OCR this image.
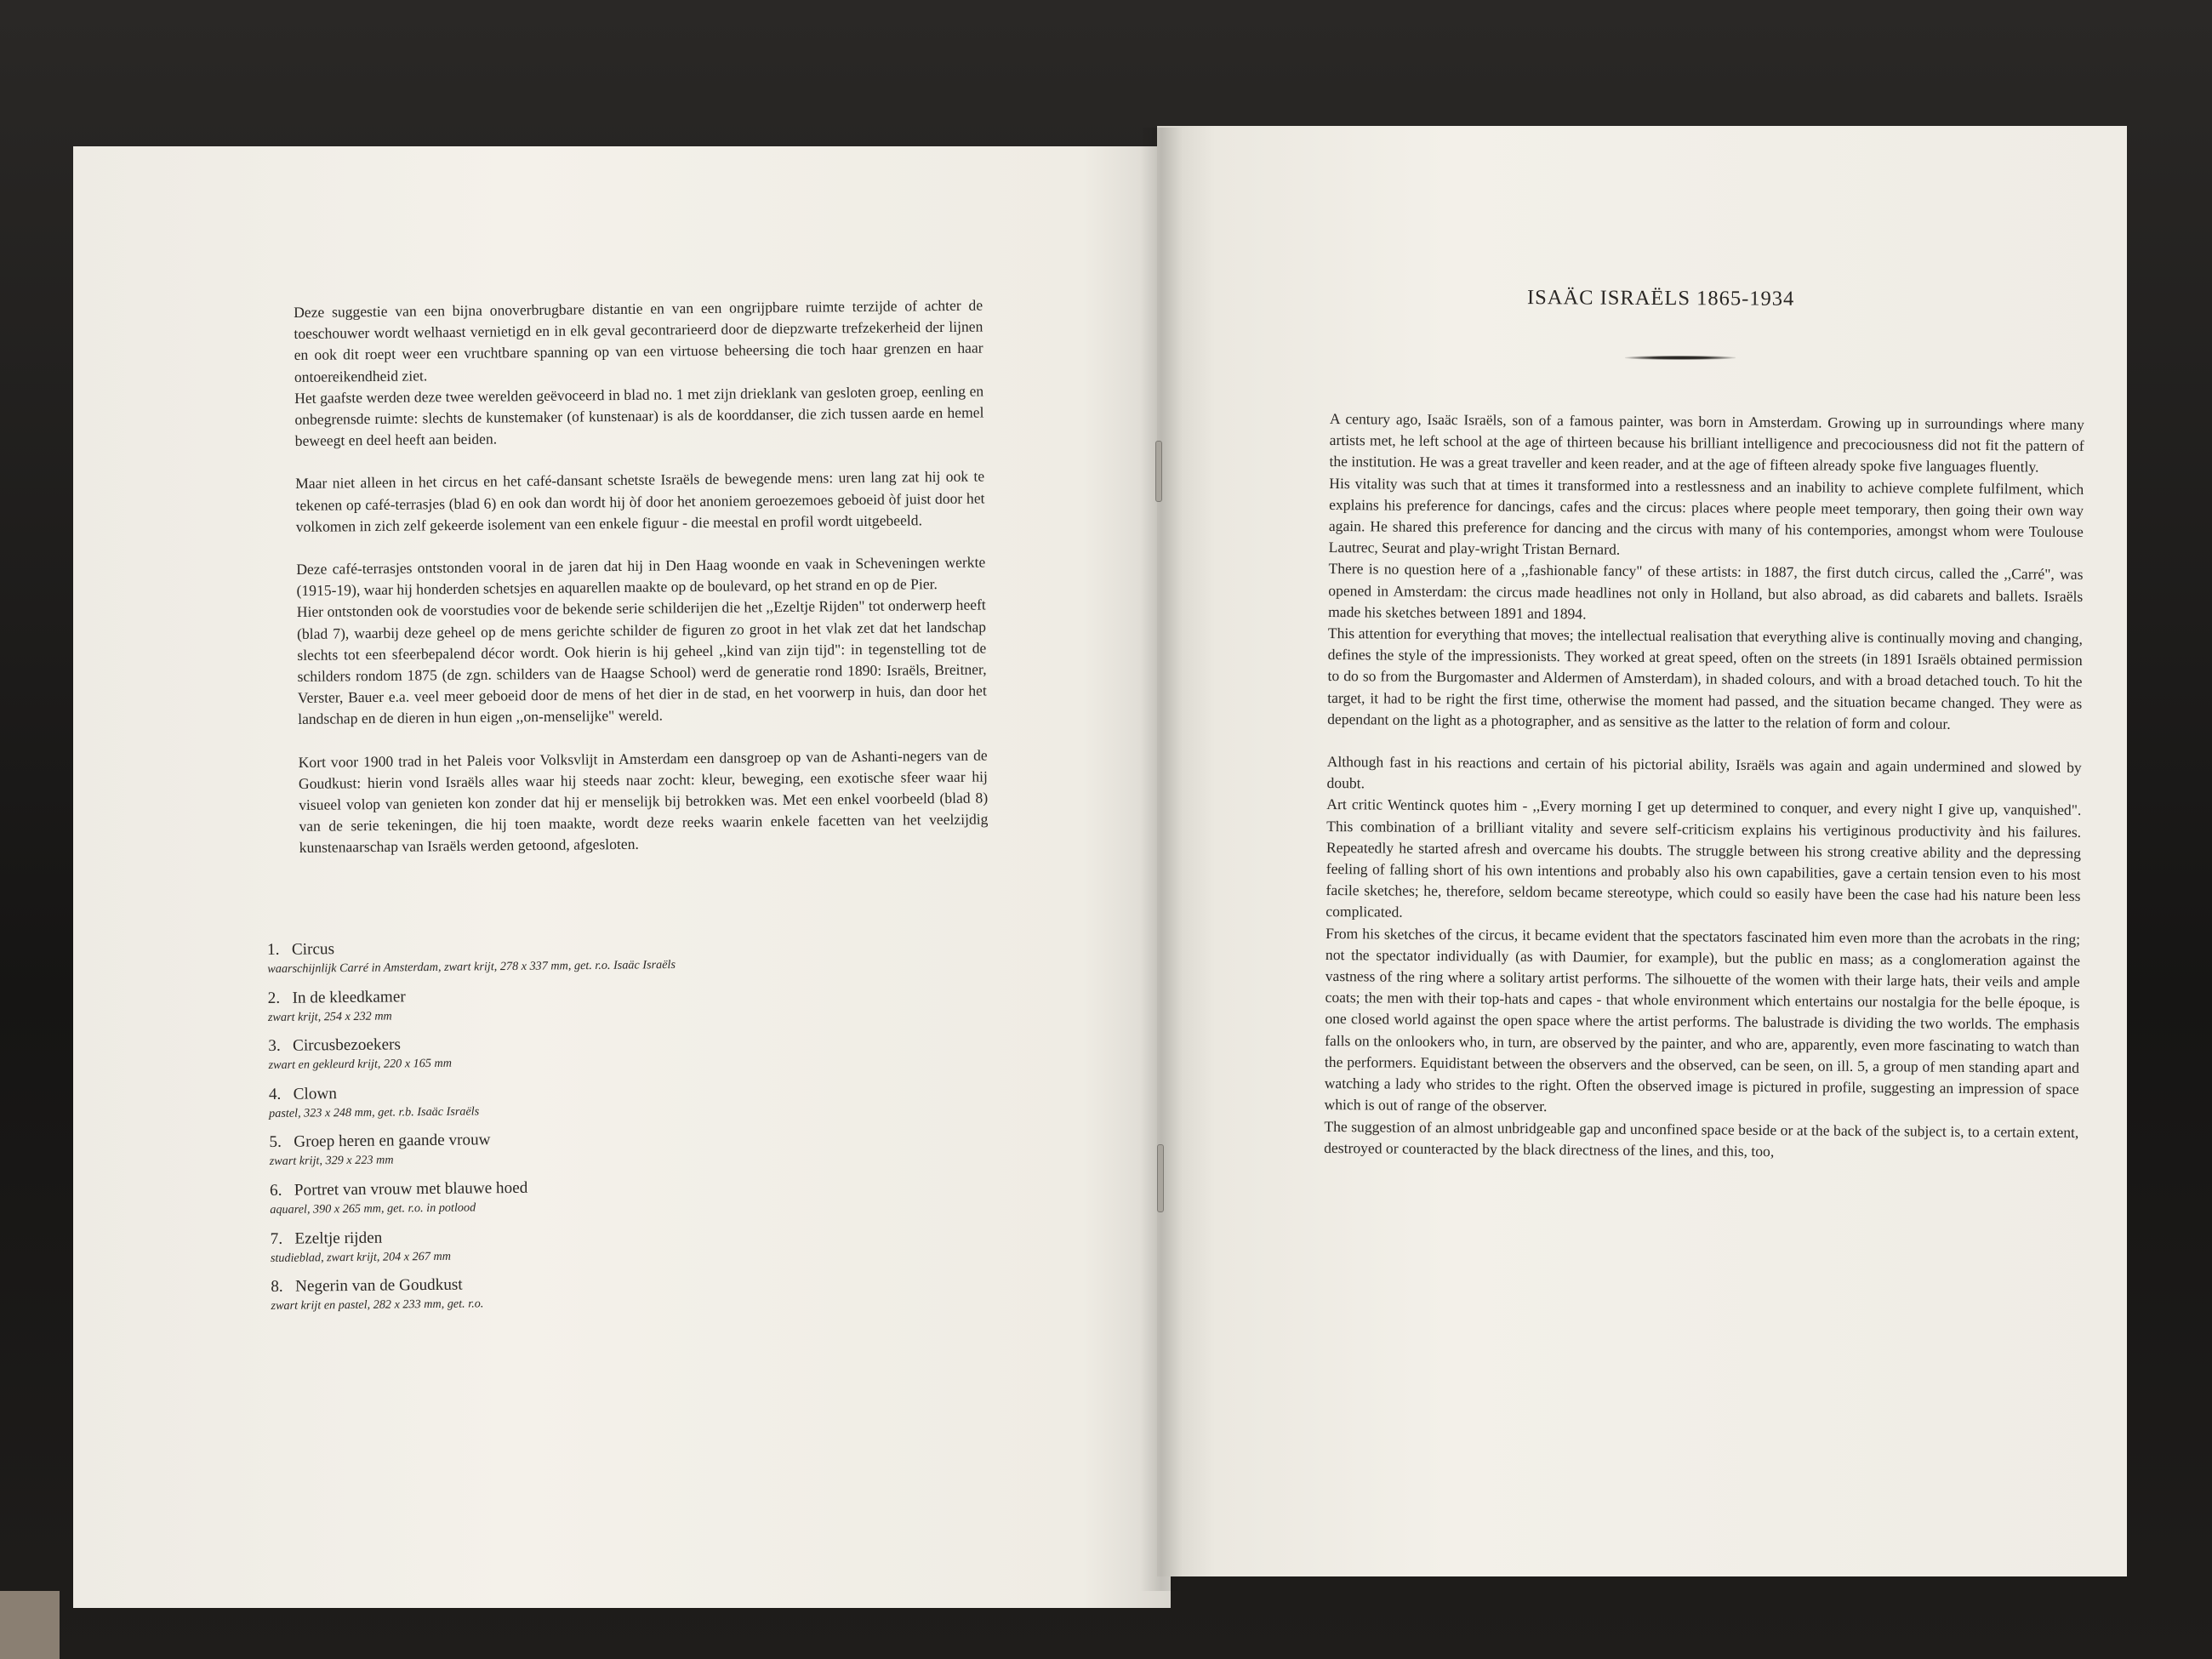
Deze suggestie van een bijna onoverbrugbare distantie en van een ongrijpbare ruimte terzijde of achter de toeschouwer wordt welhaast vernietigd en in elk geval gecontrarieerd door de diepzwarte trefzekerheid der lijnen en ook dit roept weer een vruchtbare spanning op van een virtuose beheersing die toch haar grenzen en haar ontoereikendheid ziet.

Het gaafste werden deze twee werelden geëvoceerd in blad no. 1 met zijn drieklank van gesloten groep, eenling en onbegrensde ruimte: slechts de kunstemaker (of kunstenaar) is als de koorddanser, die zich tussen aarde en hemel beweegt en deel heeft aan beiden.

Maar niet alleen in het circus en het café-dansant schetste Israëls de bewegende mens: uren lang zat hij ook te tekenen op café-terrasjes (blad 6) en ook dan wordt hij òf door het anoniem geroezemoes geboeid òf juist door het volkomen in zich zelf gekeerde isolement van een enkele figuur - die meestal en profil wordt uitgebeeld.

Deze café-terrasjes ontstonden vooral in de jaren dat hij in Den Haag woonde en vaak in Scheveningen werkte (1915-19), waar hij honderden schetsjes en aquarellen maakte op de boulevard, op het strand en op de Pier.

Hier ontstonden ook de voorstudies voor de bekende serie schilderijen die het ,,Ezeltje Rijden" tot onderwerp heeft (blad 7), waarbij deze geheel op de mens gerichte schilder de figuren zo groot in het vlak zet dat het landschap slechts tot een sfeerbepalend décor wordt. Ook hierin is hij geheel ,,kind van zijn tijd": in tegenstelling tot de schilders rondom 1875 (de zgn. schilders van de Haagse School) werd de generatie rond 1890: Israëls, Breitner, Verster, Bauer e.a. veel meer geboeid door de mens of het dier in de stad, en het voorwerp in huis, dan door het landschap en de dieren in hun eigen ,,on-menselijke" wereld.

Kort voor 1900 trad in het Paleis voor Volksvlijt in Amsterdam een dansgroep op van de Ashanti-negers van de Goudkust: hierin vond Israëls alles waar hij steeds naar zocht: kleur, beweging, een exotische sfeer waar hij visueel volop van genieten kon zonder dat hij er menselijk bij betrokken was. Met een enkel voorbeeld (blad 8) van de serie tekeningen, die hij toen maakte, wordt deze reeks waarin enkele facetten van het veelzijdig kunstenaarschap van Israëls werden getoond, afgesloten.

1. Circus
waarschijnlijk Carré in Amsterdam, zwart krijt, 278 x 337 mm, get. r.o. Isaäc Israëls
2. In de kleedkamer
zwart krijt, 254 x 232 mm
3. Circusbezoekers
zwart en gekleurd krijt, 220 x 165 mm
4. Clown
pastel, 323 x 248 mm, get. r.b. Isaäc Israëls
5. Groep heren en gaande vrouw
zwart krijt, 329 x 223 mm
6. Portret van vrouw met blauwe hoed
aquarel, 390 x 265 mm, get. r.o. in potlood
7. Ezeltje rijden
studieblad, zwart krijt, 204 x 267 mm
8. Negerin van de Goudkust
zwart krijt en pastel, 282 x 233 mm, get. r.o.
ISAÄC ISRAËLS 1865-1934

A century ago, Isaäc Israëls, son of a famous painter, was born in Amsterdam. Growing up in surroundings where many artists met, he left school at the age of thirteen because his brilliant intelligence and precociousness did not fit the pattern of the institution. He was a great traveller and keen reader, and at the age of fifteen already spoke five languages fluently.

His vitality was such that at times it transformed into a restlessness and an inability to achieve complete fulfilment, which explains his preference for dancings, cafes and the circus: places where people meet temporary, then going their own way again. He shared this preference for dancing and the circus with many of his contempories, amongst whom were Toulouse Lautrec, Seurat and play-wright Tristan Bernard.

There is no question here of a ,,fashionable fancy" of these artists: in 1887, the first dutch circus, called the ,,Carré", was opened in Amsterdam: the circus made headlines not only in Holland, but also abroad, as did cabarets and ballets. Israëls made his sketches between 1891 and 1894.

This attention for everything that moves; the intellectual realisation that everything alive is continually moving and changing, defines the style of the impressionists. They worked at great speed, often on the streets (in 1891 Israëls obtained permission to do so from the Burgomaster and Aldermen of Amsterdam), in shaded colours, and with a broad detached touch. To hit the target, it had to be right the first time, otherwise the moment had passed, and the situation became changed. They were as dependant on the light as a photographer, and as sensitive as the latter to the relation of form and colour.

Although fast in his reactions and certain of his pictorial ability, Israëls was again and again undermined and slowed by doubt.

Art critic Wentinck quotes him - ,,Every morning I get up determined to conquer, and every night I give up, vanquished". This combination of a brilliant vitality and severe self-criticism explains his vertiginous productivity ànd his failures. Repeatedly he started afresh and overcame his doubts. The struggle between his strong creative ability and the depressing feeling of falling short of his own intentions and probably also his own capabilities, gave a certain tension even to his most facile sketches; he, therefore, seldom became stereotype, which could so easily have been the case had his nature been less complicated.

From his sketches of the circus, it became evident that the spectators fascinated him even more than the acrobats in the ring; not the spectator individually (as with Daumier, for example), but the public en mass; as a conglomeration against the vastness of the ring where a solitary artist performs. The silhouette of the women with their large hats, their veils and ample coats; the men with their top-hats and capes - that whole environment which entertains our nostalgia for the belle époque, is one closed world against the open space where the artist performs. The balustrade is dividing the two worlds. The emphasis falls on the onlookers who, in turn, are observed by the painter, and who are, apparently, even more fascinating to watch than the performers. Equidistant between the observers and the observed, can be seen, on ill. 5, a group of men standing apart and watching a lady who strides to the right. Often the observed image is pictured in profile, suggesting an impression of space which is out of range of the observer.

The suggestion of an almost unbridgeable gap and unconfined space beside or at the back of the subject is, to a certain extent, destroyed or counteracted by the black directness of the lines, and this, too,
